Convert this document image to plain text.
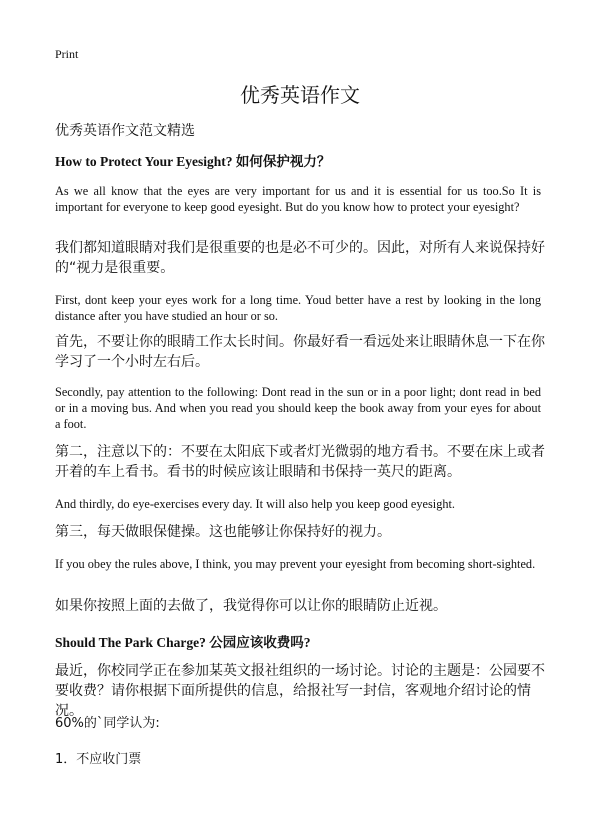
Print
优秀英语作文
优秀英语作文范文精选
How to Protect Your Eyesight? 如何保护视力？
As we all know that the eyes are very important for us and it is essential for us too.So It is important for everyone to keep good eyesight. But do you know how to protect your eyesight?
我们都知道眼睛对我们是很重要的也是必不可少的。因此，对所有人来说保持好的“视力是很重要。
First, dont keep your eyes work for a long time. Youd better have a rest by looking in the long distance after you have studied an hour or so.
首先，不要让你的眼睛工作太长时间。你最好看一看远处来让眼睛休息一下在你学习了一个小时左右后。
Secondly, pay attention to the following: Dont read in the sun or in a poor light; dont read in bed or in a moving bus. And when you read you should keep the book away from your eyes for about a foot.
第二，注意以下的：不要在太阳底下或者灯光微弱的地方看书。不要在床上或者开着的车上看书。看书的时候应该让眼睛和书保持一英尺的距离。
And thirdly, do eye-exercises every day. It will also help you keep good eyesight.
第三，每天做眼保健操。这也能够让你保持好的视力。
If you obey the rules above, I think, you may prevent your eyesight from becoming short-sighted.
如果你按照上面的去做了，我觉得你可以让你的眼睛防止近视。
Should The Park Charge? 公园应该收费吗?
最近，你校同学正在参加某英文报社组织的一场讨论。讨论的主题是：公园要不要收费？请你根据下面所提供的信息，给报社写一封信，客观地介绍讨论的情况。
60%的`同学认为:
1．不应收门票
